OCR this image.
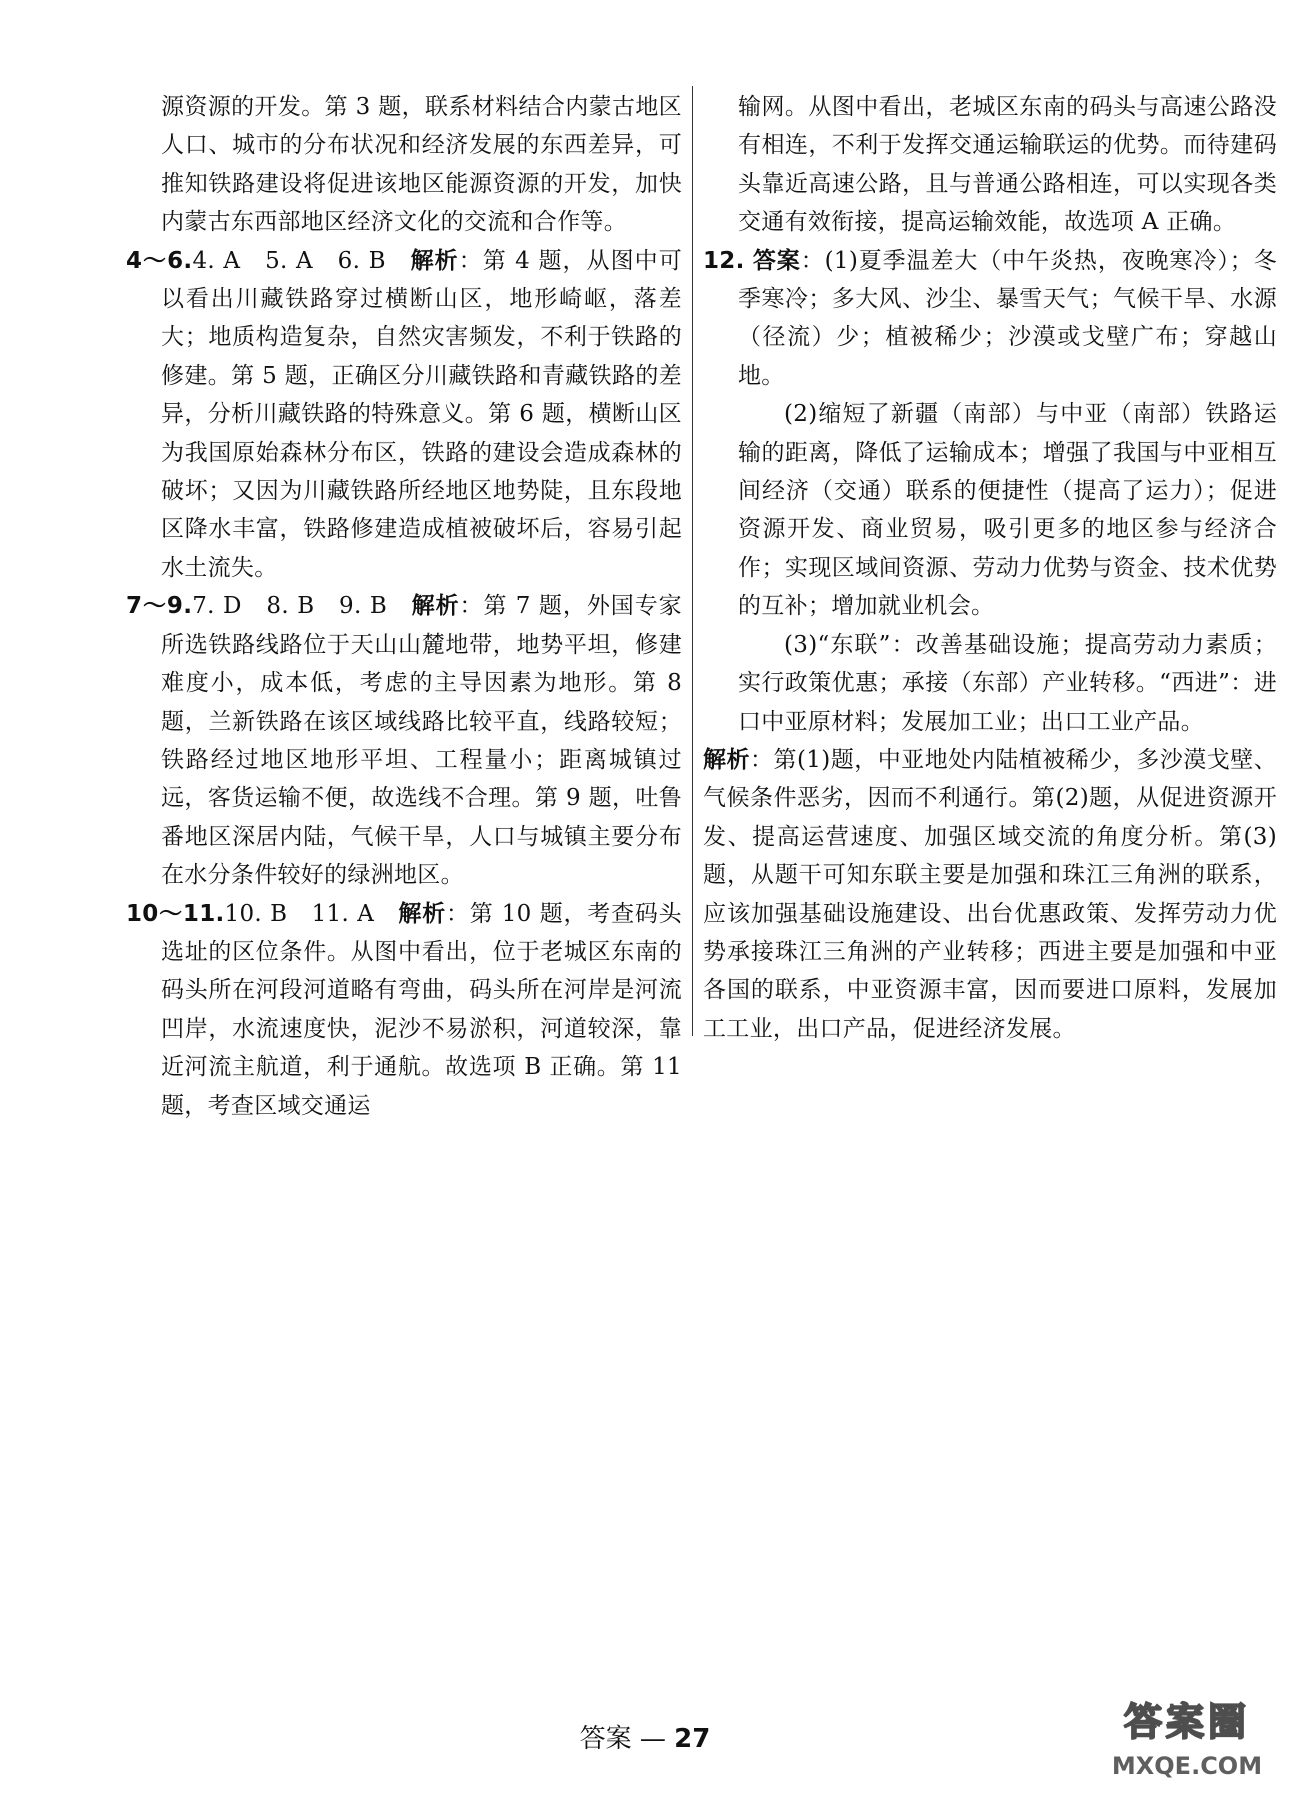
源资源的开发。第 3 题，联系材料结合内蒙古地区人口、城市的分布状况和经济发展的东西差异，可推知铁路建设将促进该地区能源资源的开发，加快内蒙古东西部地区经济文化的交流和合作等。

4～6.4. A　5. A　6. B　解析：第 4 题，从图中可以看出川藏铁路穿过横断山区，地形崎岖，落差大；地质构造复杂，自然灾害频发，不利于铁路的修建。第 5 题，正确区分川藏铁路和青藏铁路的差异，分析川藏铁路的特殊意义。第 6 题，横断山区为我国原始森林分布区，铁路的建设会造成森林的破坏；又因为川藏铁路所经地区地势陡，且东段地区降水丰富，铁路修建造成植被破坏后，容易引起水土流失。

7～9.7. D　8. B　9. B　解析：第 7 题，外国专家所选铁路线路位于天山山麓地带，地势平坦，修建难度小，成本低，考虑的主导因素为地形。第 8 题，兰新铁路在该区域线路比较平直，线路较短；铁路经过地区地形平坦、工程量小；距离城镇过远，客货运输不便，故选线不合理。第 9 题，吐鲁番地区深居内陆，气候干旱，人口与城镇主要分布在水分条件较好的绿洲地区。

10～11.10. B　11. A　解析：第 10 题，考查码头选址的区位条件。从图中看出，位于老城区东南的码头所在河段河道略有弯曲，码头所在河岸是河流凹岸，水流速度快，泥沙不易淤积，河道较深，靠近河流主航道，利于通航。故选项 B 正确。第 11 题，考查区域交通运

输网。从图中看出，老城区东南的码头与高速公路没有相连，不利于发挥交通运输联运的优势。而待建码头靠近高速公路，且与普通公路相连，可以实现各类交通有效衔接，提高运输效能，故选项 A 正确。

12. 答案：(1)夏季温差大（中午炎热，夜晚寒冷）；冬季寒冷；多大风、沙尘、暴雪天气；气候干旱、水源（径流）少；植被稀少；沙漠或戈壁广布；穿越山地。

(2)缩短了新疆（南部）与中亚（南部）铁路运输的距离，降低了运输成本；增强了我国与中亚相互间经济（交通）联系的便捷性（提高了运力）；促进资源开发、商业贸易，吸引更多的地区参与经济合作；实现区域间资源、劳动力优势与资金、技术优势的互补；增加就业机会。

(3)“东联”：改善基础设施；提高劳动力素质；实行政策优惠；承接（东部）产业转移。“西进”：进口中亚原材料；发展加工业；出口工业产品。

解析：第(1)题，中亚地处内陆植被稀少，多沙漠戈壁、气候条件恶劣，因而不利通行。第(2)题，从促进资源开发、提高运营速度、加强区域交流的角度分析。第(3)题，从题干可知东联主要是加强和珠江三角洲的联系，应该加强基础设施建设、出台优惠政策、发挥劳动力优势承接珠江三角洲的产业转移；西进主要是加强和中亚各国的联系，中亚资源丰富，因而要进口原料，发展加工工业，出口产品，促进经济发展。

答案 — 27	答案圈
MXQE.COM
